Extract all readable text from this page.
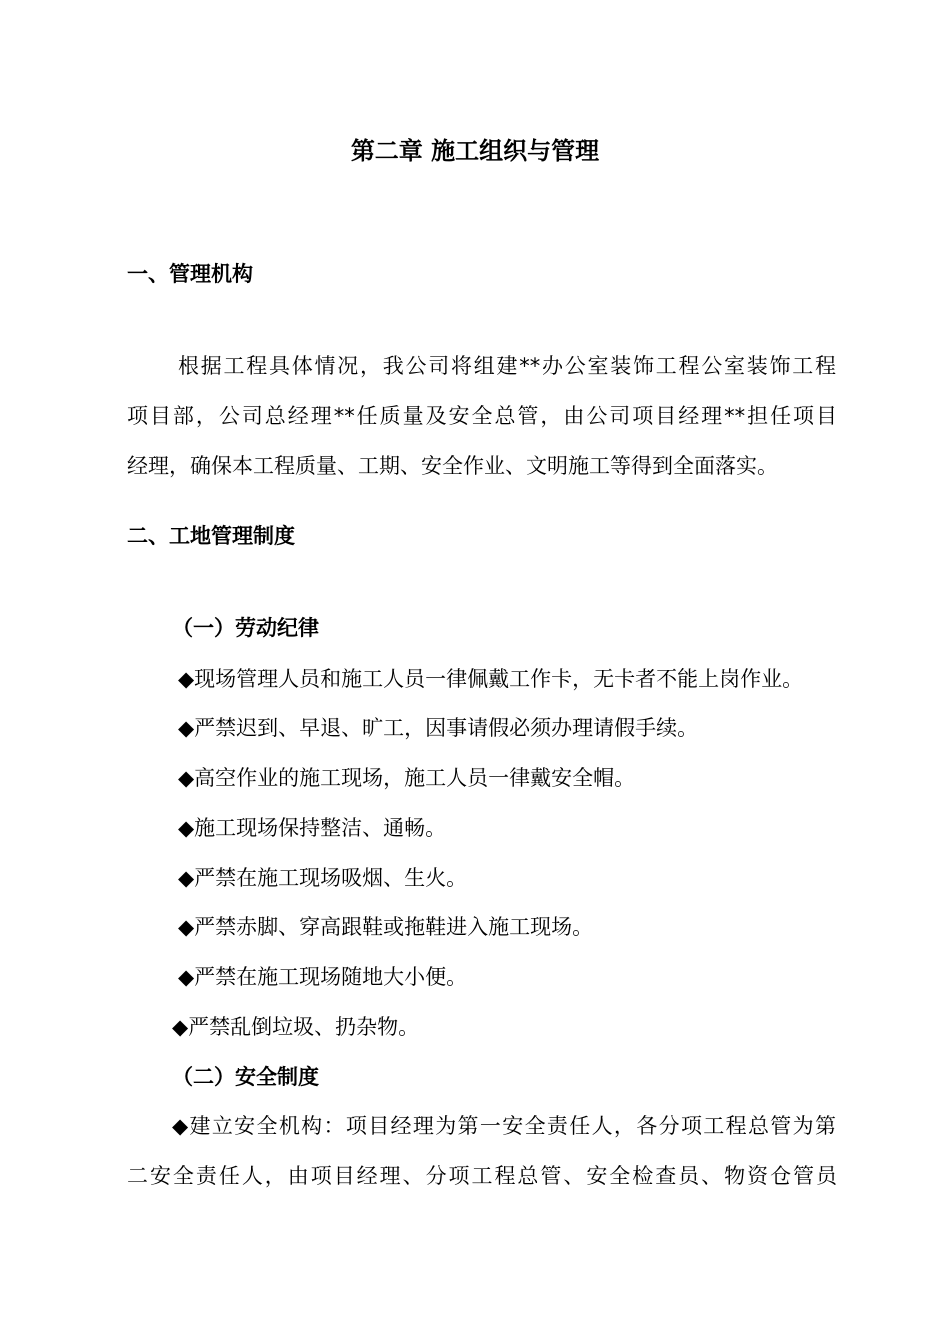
第二章 施工组织与管理
一、管理机构
根据工程具体情况，我公司将组建**办公室装饰工程公室装饰工程
项目部，公司总经理**任质量及安全总管，由公司项目经理**担任项目
经理，确保本工程质量、工期、安全作业、文明施工等得到全面落实。
二、工地管理制度
（一）劳动纪律
◆现场管理人员和施工人员一律佩戴工作卡，无卡者不能上岗作业。
◆严禁迟到、早退、旷工，因事请假必须办理请假手续。
◆高空作业的施工现场，施工人员一律戴安全帽。
◆施工现场保持整洁、通畅。
◆严禁在施工现场吸烟、生火。
◆严禁赤脚、穿高跟鞋或拖鞋进入施工现场。
◆严禁在施工现场随地大小便。
◆严禁乱倒垃圾、扔杂物。
（二）安全制度
◆建立安全机构：项目经理为第一安全责任人，各分项工程总管为第
二安全责任人，由项目经理、分项工程总管、安全检查员、物资仓管员
